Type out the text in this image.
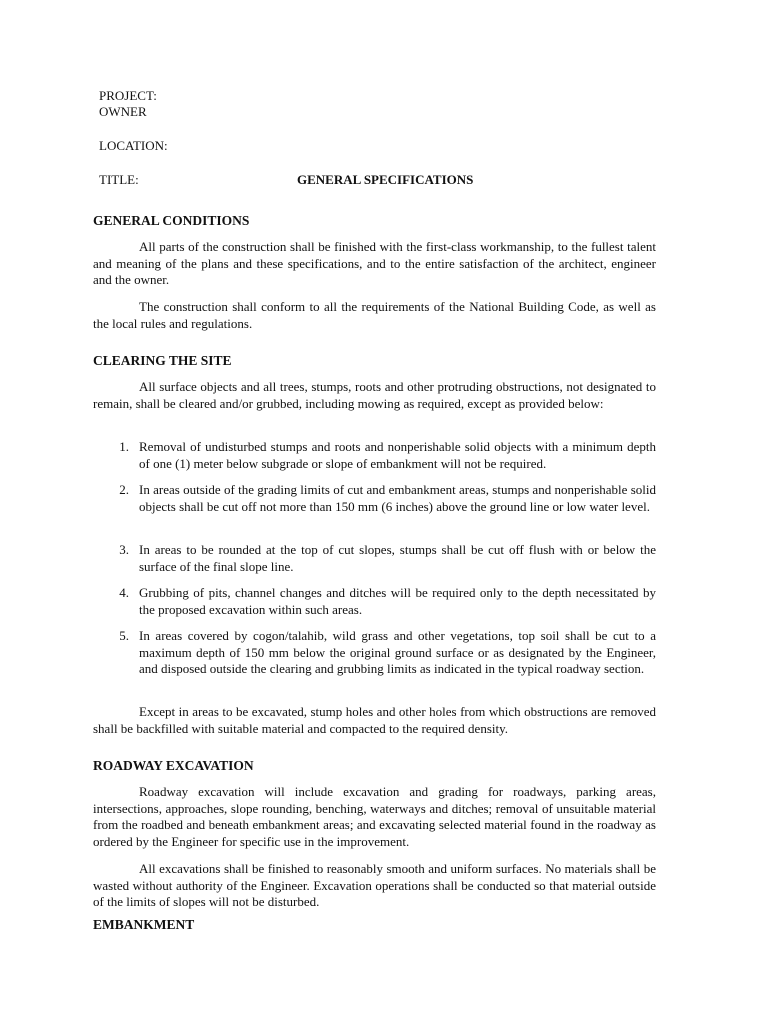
PROJECT:
OWNER
LOCATION:
TITLE:	GENERAL SPECIFICATIONS
GENERAL CONDITIONS

All parts of the construction shall be finished with the first-class workmanship, to the fullest talent and meaning of the plans and these specifications, and to the entire satisfaction of the architect, engineer and the owner.

The construction shall conform to all the requirements of the National Building Code, as well as the local rules and regulations.

CLEARING THE SITE

All surface objects and all trees, stumps, roots and other protruding obstructions, not designated to remain, shall be cleared and/or grubbed, including mowing as required, except as provided below:

1. Removal of undisturbed stumps and roots and nonperishable solid objects with a minimum depth of one (1) meter below subgrade or slope of embankment will not be required.

2. In areas outside of the grading limits of cut and embankment areas, stumps and nonperishable solid objects shall be cut off not more than 150 mm (6 inches) above the ground line or low water level.

3. In areas to be rounded at the top of cut slopes, stumps shall be cut off flush with or below the surface of the final slope line.

4. Grubbing of pits, channel changes and ditches will be required only to the depth necessitated by the proposed excavation within such areas.

5. In areas covered by cogon/talahib, wild grass and other vegetations, top soil shall be cut to a maximum depth of 150 mm below the original ground surface or as designated by the Engineer, and disposed outside the clearing and grubbing limits as indicated in the typical roadway section.

Except in areas to be excavated, stump holes and other holes from which obstructions are removed shall be backfilled with suitable material and compacted to the required density.

ROADWAY EXCAVATION

Roadway excavation will include excavation and grading for roadways, parking areas, intersections, approaches, slope rounding, benching, waterways and ditches; removal of unsuitable material from the roadbed and beneath embankment areas; and excavating selected material found in the roadway as ordered by the Engineer for specific use in the improvement.

All excavations shall be finished to reasonably smooth and uniform surfaces. No materials shall be wasted without authority of the Engineer. Excavation operations shall be conducted so that material outside of the limits of slopes will not be disturbed.

EMBANKMENT
